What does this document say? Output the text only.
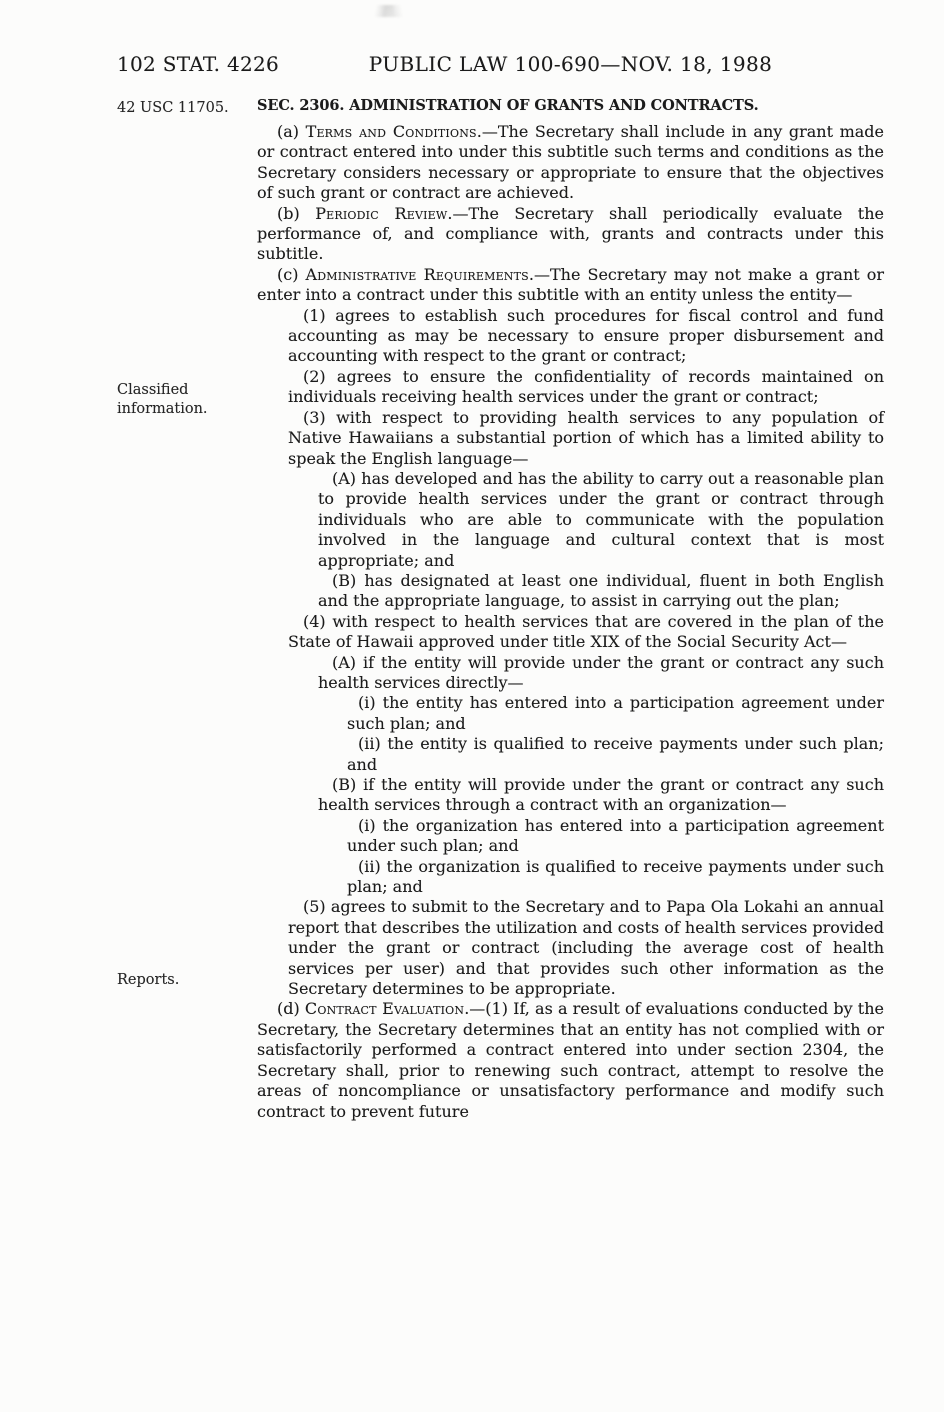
102 STAT. 4226	PUBLIC LAW 100-690—NOV. 18, 1988
42 USC 11705.
Classified information.
Reports.

SEC. 2306. ADMINISTRATION OF GRANTS AND CONTRACTS.

(a) Terms and Conditions.—The Secretary shall include in any grant made or contract entered into under this subtitle such terms and conditions as the Secretary considers necessary or appropriate to ensure that the objectives of such grant or contract are achieved.

(b) Periodic Review.—The Secretary shall periodically evaluate the performance of, and compliance with, grants and contracts under this subtitle.

(c) Administrative Requirements.—The Secretary may not make a grant or enter into a contract under this subtitle with an entity unless the entity—

(1) agrees to establish such procedures for fiscal control and fund accounting as may be necessary to ensure proper disbursement and accounting with respect to the grant or contract;

(2) agrees to ensure the confidentiality of records maintained on individuals receiving health services under the grant or contract;

(3) with respect to providing health services to any population of Native Hawaiians a substantial portion of which has a limited ability to speak the English language—

(A) has developed and has the ability to carry out a reasonable plan to provide health services under the grant or contract through individuals who are able to communicate with the population involved in the language and cultural context that is most appropriate; and

(B) has designated at least one individual, fluent in both English and the appropriate language, to assist in carrying out the plan;

(4) with respect to health services that are covered in the plan of the State of Hawaii approved under title XIX of the Social Security Act—

(A) if the entity will provide under the grant or contract any such health services directly—

(i) the entity has entered into a participation agreement under such plan; and

(ii) the entity is qualified to receive payments under such plan; and

(B) if the entity will provide under the grant or contract any such health services through a contract with an organization—

(i) the organization has entered into a participation agreement under such plan; and

(ii) the organization is qualified to receive payments under such plan; and

(5) agrees to submit to the Secretary and to Papa Ola Lokahi an annual report that describes the utilization and costs of health services provided under the grant or contract (including the average cost of health services per user) and that provides such other information as the Secretary determines to be appropriate.

(d) Contract Evaluation.—(1) If, as a result of evaluations conducted by the Secretary, the Secretary determines that an entity has not complied with or satisfactorily performed a contract entered into under section 2304, the Secretary shall, prior to renewing such contract, attempt to resolve the areas of noncompliance or unsatisfactory performance and modify such contract to prevent future
